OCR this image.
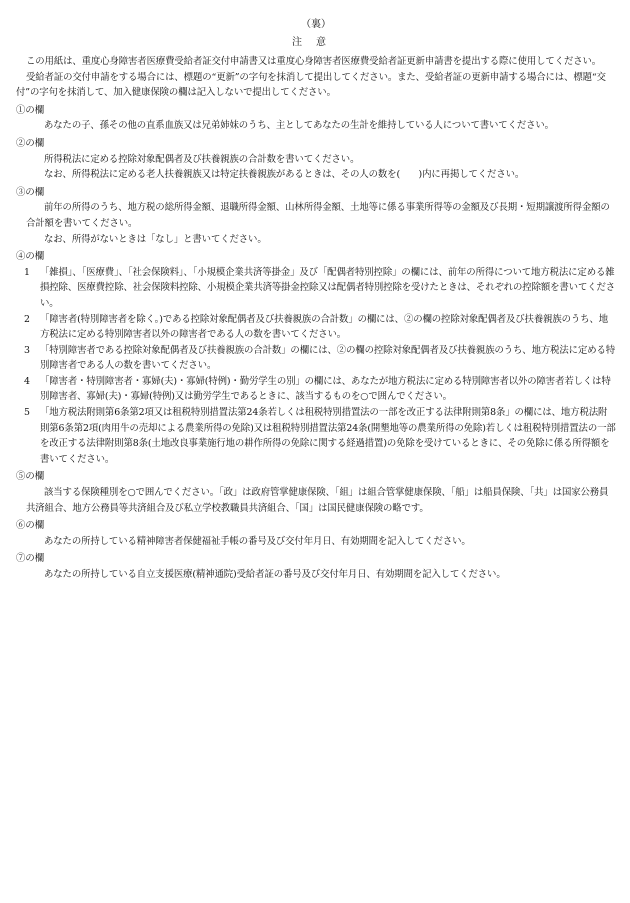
（裏）
注意

この用紙は、重度心身障害者医療費受給者証交付申請書又は重度心身障害者医療費受給者証更新申請書を提出する際に使用してください。

受給者証の交付申請をする場合には、標題の“更新”の字句を抹消して提出してください。また、受給者証の更新申請する場合には、標題“交付”の字句を抹消して、加入健康保険の欄は記入しないで提出してください。

①の欄

あなたの子、孫その他の直系血族又は兄弟姉妹のうち、主としてあなたの生計を維持している人について書いてください。

②の欄

所得税法に定める控除対象配偶者及び扶養親族の合計数を書いてください。

なお、所得税法に定める老人扶養親族又は特定扶養親族があるときは、その人の数を(　　)内に再掲してください。

③の欄

前年の所得のうち、地方税の総所得金額、退職所得金額、山林所得金額、土地等に係る事業所得等の金額及び長期・短期譲渡所得金額の合計額を書いてください。

なお、所得がないときは「なし」と書いてください。

④の欄

1 「雑損」、「医療費」、「社会保険料」、「小規模企業共済等掛金」及び「配偶者特別控除」の欄には、前年の所得について地方税法に定める雑損控除、医療費控除、社会保険料控除、小規模企業共済等掛金控除又は配偶者特別控除を受けたときは、それぞれの控除額を書いてください。

2 「障害者(特別障害者を除く。)である控除対象配偶者及び扶養親族の合計数」の欄には、②の欄の控除対象配偶者及び扶養親族のうち、地方税法に定める特別障害者以外の障害者である人の数を書いてください。

3 「特別障害者である控除対象配偶者及び扶養親族の合計数」の欄には、②の欄の控除対象配偶者及び扶養親族のうち、地方税法に定める特別障害者である人の数を書いてください。

4 「障害者・特別障害者・寡婦(夫)・寡婦(特例)・勤労学生の別」の欄には、あなたが地方税法に定める特別障害者以外の障害者若しくは特別障害者、寡婦(夫)・寡婦(特例)又は勤労学生であるときに、該当するものを○で囲んでください。

5 「地方税法附則第6条第2項又は租税特別措置法第24条若しくは租税特別措置法の一部を改正する法律附則第8条」の欄には、地方税法附則第6条第2項(肉用牛の売却による農業所得の免除)又は租税特別措置法第24条(開墾地等の農業所得の免除)若しくは租税特別措置法の一部を改正する法律附則第8条(土地改良事業施行地の耕作所得の免除に関する経過措置)の免除を受けているときに、その免除に係る所得額を書いてください。

⑤の欄

該当する保険種別を○で囲んでください。「政」は政府管掌健康保険、「組」は組合管掌健康保険、「船」は船員保険、「共」は国家公務員共済組合、地方公務員等共済組合及び私立学校教職員共済組合、「国」は国民健康保険の略です。

⑥の欄

あなたの所持している精神障害者保健福祉手帳の番号及び交付年月日、有効期間を記入してください。

⑦の欄

あなたの所持している自立支援医療(精神通院)受給者証の番号及び交付年月日、有効期間を記入してください。
